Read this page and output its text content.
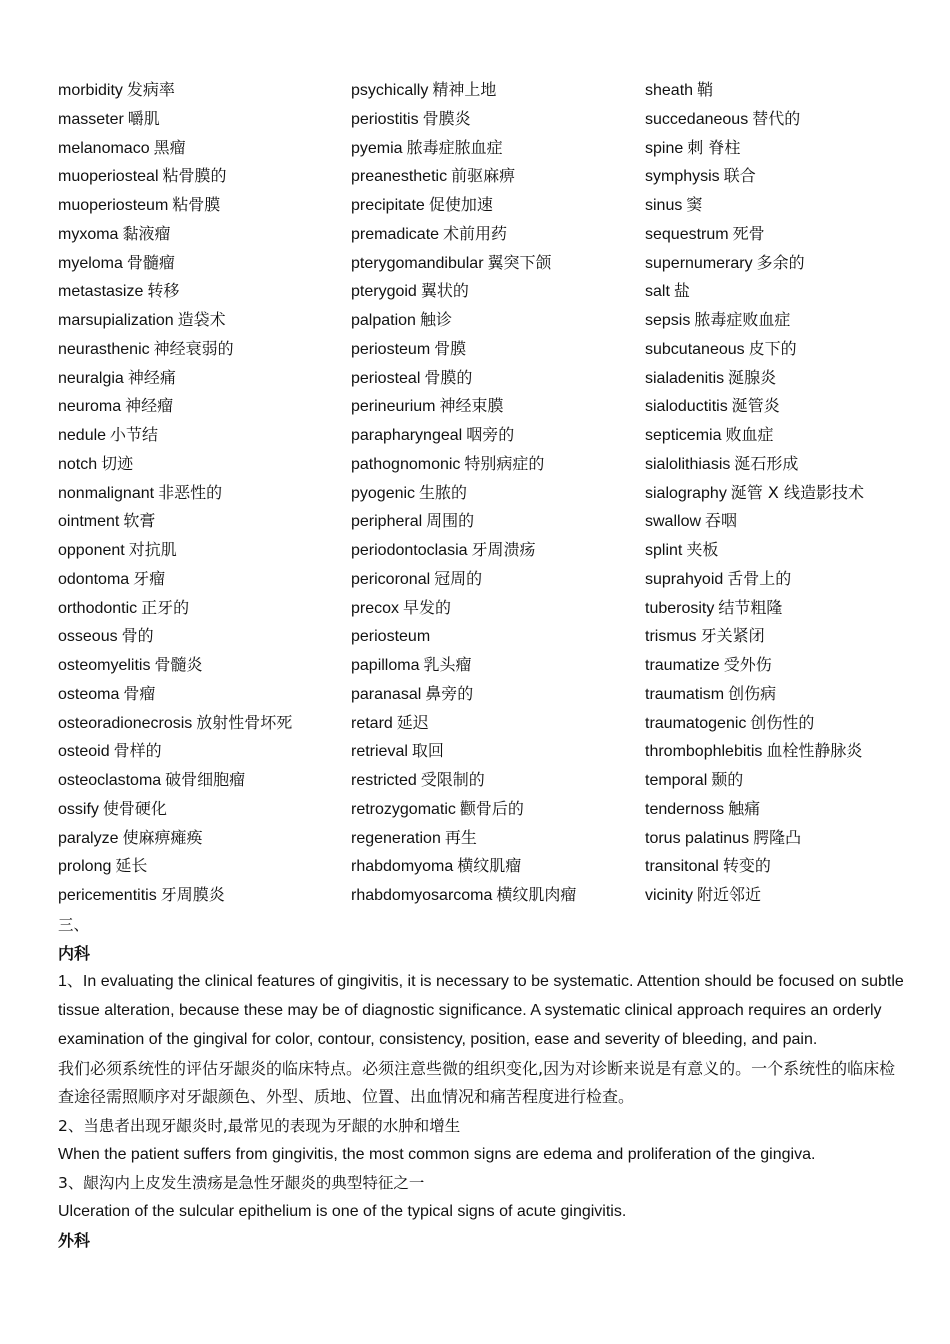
morbidity 发病率
masseter 嚼肌
melanomaco 黑瘤
muoperiosteal 粘骨膜的
muoperiosteum 粘骨膜
myxoma 黏液瘤
myeloma 骨髓瘤
metastasize 转移
marsupialization 造袋术
neurasthenic 神经衰弱的
neuralgia 神经痛
neuroma 神经瘤
nedule 小节结
notch 切迹
nonmalignant 非恶性的
ointment 软膏
opponent 对抗肌
odontoma 牙瘤
orthodontic 正牙的
osseous 骨的
osteomyelitis 骨髓炎
osteoma 骨瘤
osteoradionecrosis 放射性骨坏死
osteoid 骨样的
osteoclastoma 破骨细胞瘤
ossify 使骨硬化
paralyze 使麻痹瘫痪
prolong 延长
pericementitis 牙周膜炎
psychically 精神上地
periostitis 骨膜炎
pyemia 脓毒症脓血症
preanesthetic 前驱麻痹
precipitate 促使加速
premadicate 术前用药
pterygomandibular 翼突下颌
pterygoid 翼状的
palpation 触诊
periosteum 骨膜
periosteal 骨膜的
perineurium 神经束膜
parapharyngeal 咽旁的
pathognomonic 特别病症的
pyogenic 生脓的
peripheral 周围的
periodontoclasia 牙周溃疡
pericoronal 冠周的
precox 早发的
periosteum
papilloma 乳头瘤
paranasal 鼻旁的
retard 延迟
retrieval 取回
restricted 受限制的
retrozygomatic 颧骨后的
regeneration 再生
rhabdomyoma 横纹肌瘤
rhabdomyosarcoma 横纹肌肉瘤
sheath 鞘
succedaneous 替代的
spine 刺 脊柱
symphysis 联合
sinus 窦
sequestrum 死骨
supernumerary 多余的
salt 盐
sepsis 脓毒症败血症
subcutaneous 皮下的
sialadenitis 涎腺炎
sialoductitis 涎管炎
septicemia 败血症
sialolithiasis 涎石形成
sialography 涎管 X 线造影技术
swallow 吞咽
splint 夹板
suprahyoid 舌骨上的
tuberosity 结节粗隆
trismus 牙关紧闭
traumatize 受外伤
traumatism 创伤病
traumatogenic 创伤性的
thrombophlebitis 血栓性静脉炎
temporal 颞的
tendernoss 触痛
torus palatinus 腭隆凸
transitonal 转变的
vicinity 附近邻近
三、
内科
1、In evaluating the clinical features of gingivitis, it is necessary to be systematic. Attention should be focused on subtle tissue alteration, because these may be of diagnostic significance. A systematic clinical approach requires an orderly examination of the gingival for color, contour, consistency, position, ease and severity of bleeding, and pain.
我们必须系统性的评估牙龈炎的临床特点。必须注意些微的组织变化,因为对诊断来说是有意义的。一个系统性的临床检查途径需照顺序对牙龈颜色、外型、质地、位置、出血情况和痛苦程度进行检查。
2、当患者出现牙龈炎时,最常见的表现为牙龈的水肿和增生
When the patient suffers from gingivitis, the most common signs are edema and proliferation of the gingiva.
3、龈沟内上皮发生溃疡是急性牙龈炎的典型特征之一
Ulceration of the sulcular epithelium is one of the typical signs of acute gingivitis.
外科
